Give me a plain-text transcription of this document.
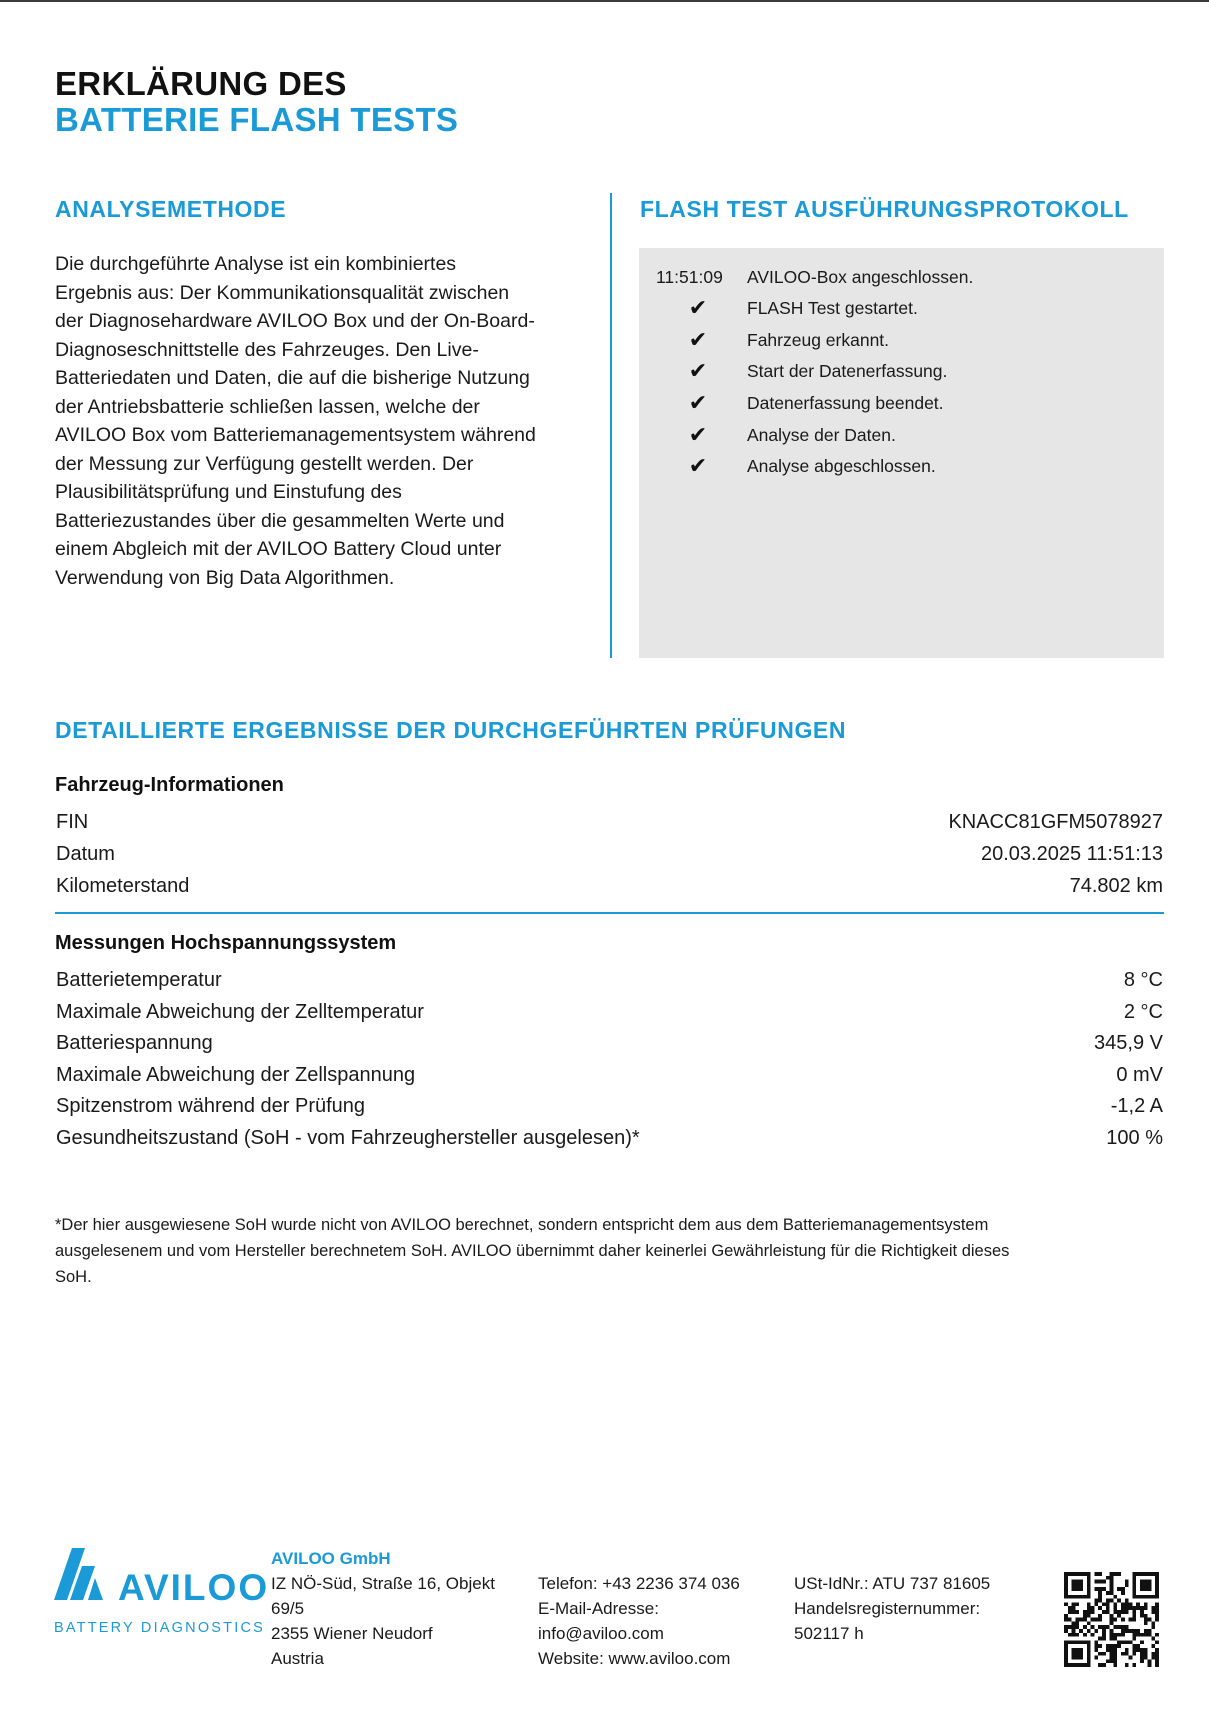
ERKLÄRUNG DES
BATTERIE FLASH TESTS
ANALYSEMETHODE
Die durchgeführte Analyse ist ein kombiniertes
Ergebnis aus: Der Kommunikationsqualität zwischen
der Diagnosehardware AVILOO Box und der On-Board-
Diagnoseschnittstelle des Fahrzeuges. Den Live-
Batteriedaten und Daten, die auf die bisherige Nutzung
der Antriebsbatterie schließen lassen, welche der
AVILOO Box vom Batteriemanagementsystem während
der Messung zur Verfügung gestellt werden. Der
Plausibilitätsprüfung und Einstufung des
Batteriezustandes über die gesammelten Werte und
einem Abgleich mit der AVILOO Battery Cloud unter
Verwendung von Big Data Algorithmen.
FLASH TEST AUSFÜHRUNGSPROTOKOLL
11:51:09 AVILOO-Box angeschlossen.
✔ FLASH Test gestartet.
✔ Fahrzeug erkannt.
✔ Start der Datenerfassung.
✔ Datenerfassung beendet.
✔ Analyse der Daten.
✔ Analyse abgeschlossen.
DETAILLIERTE ERGEBNISSE DER DURCHGEFÜHRTEN PRÜFUNGEN
Fahrzeug-Informationen
FIN	KNACC81GFM5078927
Datum	20.03.2025 11:51:13
Kilometerstand	74.802 km
Messungen Hochspannungssystem
Batterietemperatur	8 °C
Maximale Abweichung der Zelltemperatur	2 °C
Batteriespannung	345,9 V
Maximale Abweichung der Zellspannung	0 mV
Spitzenstrom während der Prüfung	-1,2 A
Gesundheitszustand (SoH - vom Fahrzeughersteller ausgelesen)*	100 %
*Der hier ausgewiesene SoH wurde nicht von AVILOO berechnet, sondern entspricht dem aus dem Batteriemanagementsystem
ausgelesenem und vom Hersteller berechnetem SoH. AVILOO übernimmt daher keinerlei Gewährleistung für die Richtigkeit dieses
SoH.
AVILOO
BATTERY DIAGNOSTICS
AVILOO GmbH
IZ NÖ-Süd, Straße 16, Objekt
69/5
2355 Wiener Neudorf
Austria
Telefon: +43 2236 374 036
E-Mail-Adresse:
info@aviloo.com
Website: www.aviloo.com
USt-IdNr.: ATU 737 81605
Handelsregisternummer:
502117 h
